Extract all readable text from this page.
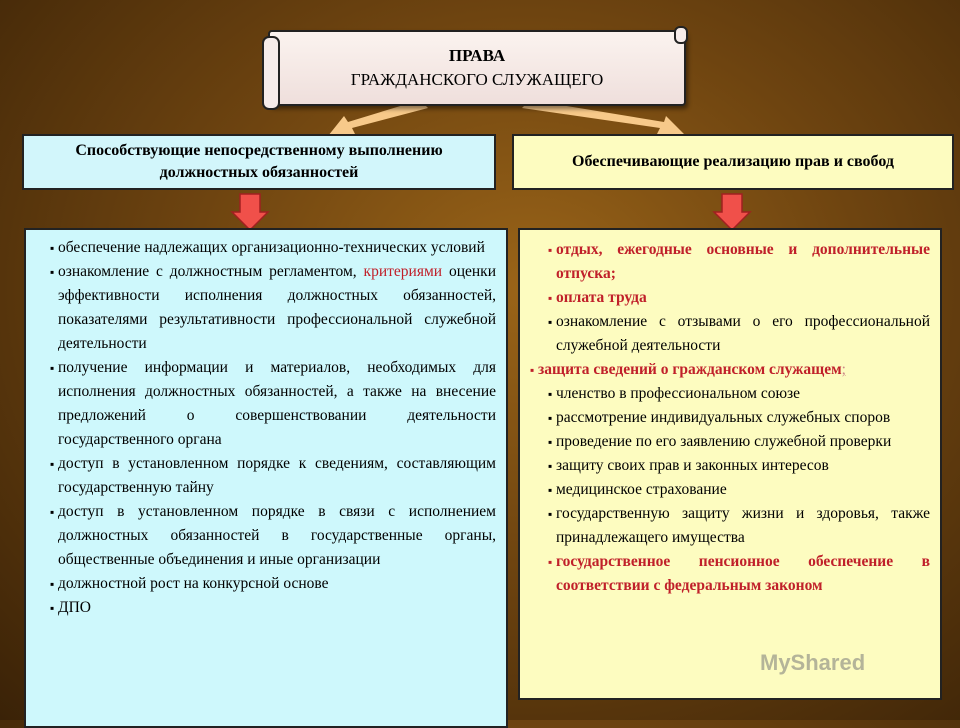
ПРАВА
ГРАЖДАНСКОГО СЛУЖАЩЕГО
Способствующие непосредственному выполнению должностных обязанностей
Обеспечивающие реализацию прав и свобод
▪ обеспечение надлежащих организационно-технических условий
▪ ознакомление с должностным регламентом, критериями оценки эффективности исполнения должностных обязанностей, показателями результативности профессиональной служебной деятельности
▪ получение информации и материалов, необходимых для исполнения должностных обязанностей, а также на внесение предложений о совершенствовании деятельности государственного органа
▪ доступ в установленном порядке к сведениям, составляющим государственную тайну
▪ доступ в установленном порядке в связи с исполнением должностных обязанностей в государственные органы, общественные объединения и иные организации
▪ должностной рост на конкурсной основе
▪ ДПО
▪ отдых, ежегодные основные и дополнительные отпуска;
▪ оплата труда
▪ ознакомление с отзывами о его профессиональной служебной деятельности
▪ защита сведений о гражданском служащем;
▪ членство в профессиональном союзе
▪ рассмотрение индивидуальных служебных споров
▪ проведение по его заявлению служебной проверки
▪ защиту своих прав и законных интересов
▪ медицинское страхование
▪ государственную защиту жизни и здоровья, также принадлежащего имущества
▪ государственное пенсионное обеспечение в соответствии с федеральным законом
MyShared
